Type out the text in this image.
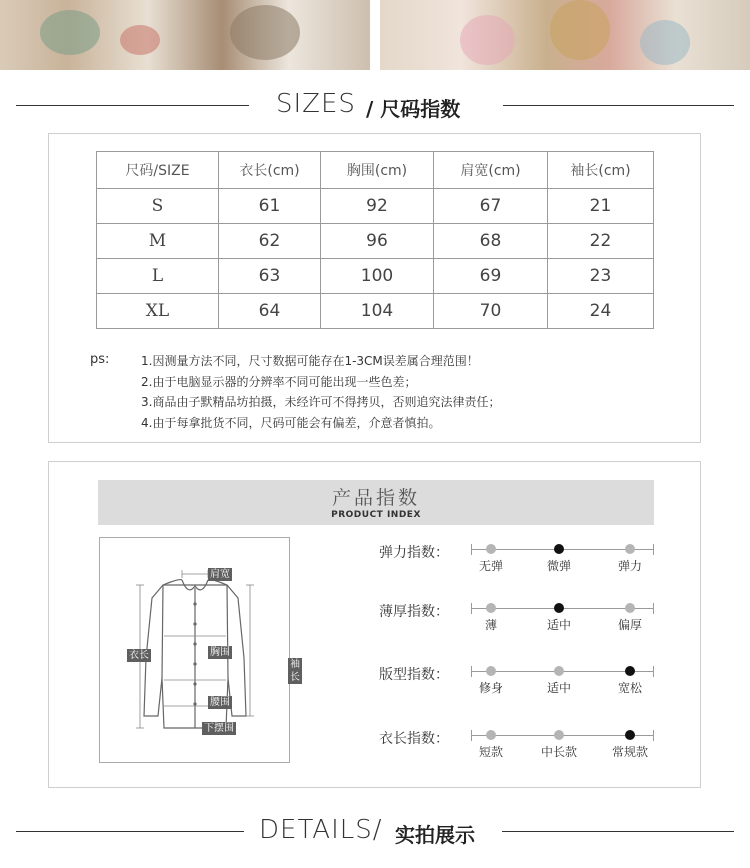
SIZES / 尺码指数
尺码/SIZE	衣长(cm)	胸围(cm)	肩宽(cm)	袖长(cm)
S	61	92	67	21
M	62	96	68	22
L	63	100	69	23
XL	64	104	70	24
ps:	1.因测量方法不同，尺寸数据可能存在1-3CM误差属合理范围！
2.由于电脑显示器的分辨率不同可能出现一些色差；
3.商品由子默精品坊拍摄，未经许可不得拷贝，否则追究法律责任；
4.由于每拿批货不同，尺码可能会有偏差，介意者慎拍。
产品指数
PRODUCT INDEX
肩宽
衣长	胸围
袖长
腰围
下摆围
弹力指数：
无弹	微弹	弹力
薄厚指数：
薄	适中	偏厚
版型指数：
修身	适中	宽松
衣长指数：
短款	中长款	常规款
DETAILS/ 实拍展示
